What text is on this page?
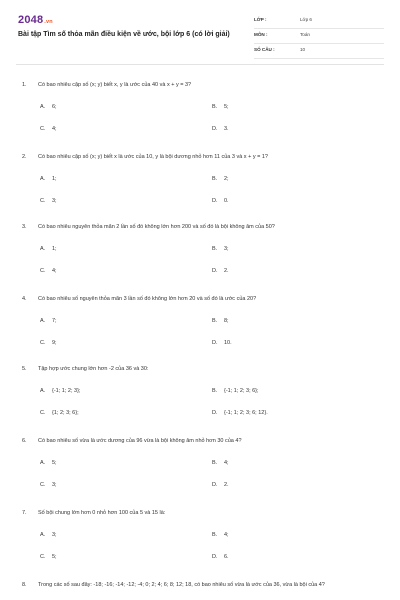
2048.vn
Bài tập Tìm số thỏa mãn điều kiện về ước, bội lớp 6 (có lời giải)
LỚP :	Lớp 6
MÔN :	Toán
SỐ CÂU :	10
1.	Có bao nhiêu cặp số (x; y) biết x, y là ước của 40 và x + y = 3?
A. 6;	B. 5;
C. 4;	D. 3.
2.	Có bao nhiêu cặp số (x; y) biết x là ước của 10, y là bội dương nhỏ hơn 11 của 3 và x + y = 1?
A. 1;	B. 2;
C. 3;	D. 0.
3.	Có bao nhiêu nguyên thỏa mãn 2 lần số đó không lớn hơn 200 và số đó là bội không âm của 50?
A. 1;	B. 3;
C. 4;	D. 2.
4.	Có bao nhiêu số nguyên thỏa mãn 3 lần số đó không lớn hơn 20 và số đó là ước của 20?
A. 7;	B. 8;
C. 9;	D. 10.
5.	Tập hợp ước chung lớn hơn -2 của 36 và 30:
A. {-1; 1; 2; 3};	B. {-1; 1; 2; 3; 6};
C. {1; 2; 3; 6};	D. {-1; 1; 2; 3; 6; 12}.
6.	Có bao nhiêu số vừa là ước dương của 96 vừa là bội không âm nhỏ hơn 30 của 4?
A. 5;	B. 4;
C. 3;	D. 2.
7.	Số bội chung lớn hơn 0 nhỏ hơn 100 của 5 và 15 là:
A. 3;	B. 4;
C. 5;	D. 6.
8.	Trong các số sau đây: -18; -16; -14; -12; -4; 0; 2; 4; 6; 8; 12; 18, có bao nhiêu số vừa là ước của 36, vừa là bội của 4?
